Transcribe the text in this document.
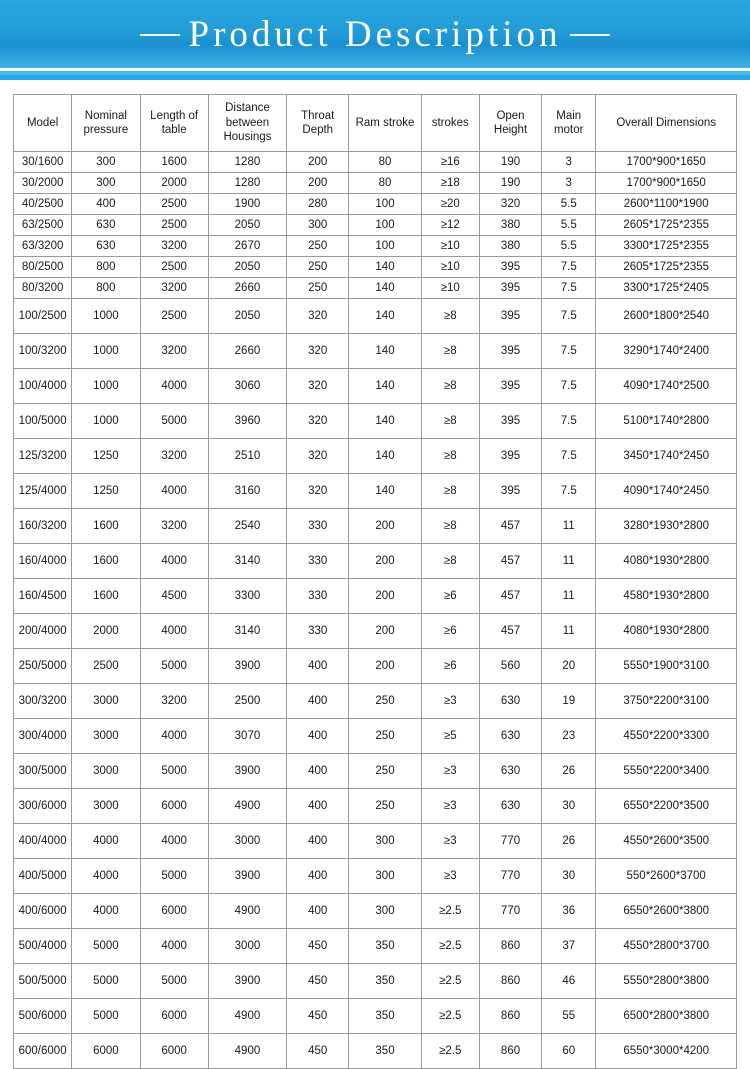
Product Description
Model	Nominal pressure	Length of table	Distance between Housings	Throat Depth	Ram stroke	strokes	Open Height	Main motor	Overall Dimensions
30/1600	300	1600	1280	200	80	≥16	190	3	1700*900*1650
30/2000	300	2000	1280	200	80	≥18	190	3	1700*900*1650
40/2500	400	2500	1900	280	100	≥20	320	5.5	2600*1100*1900
63/2500	630	2500	2050	300	100	≥12	380	5.5	2605*1725*2355
63/3200	630	3200	2670	250	100	≥10	380	5.5	3300*1725*2355
80/2500	800	2500	2050	250	140	≥10	395	7.5	2605*1725*2355
80/3200	800	3200	2660	250	140	≥10	395	7.5	3300*1725*2405
100/2500	1000	2500	2050	320	140	≥8	395	7.5	2600*1800*2540
100/3200	1000	3200	2660	320	140	≥8	395	7.5	3290*1740*2400
100/4000	1000	4000	3060	320	140	≥8	395	7.5	4090*1740*2500
100/5000	1000	5000	3960	320	140	≥8	395	7.5	5100*1740*2800
125/3200	1250	3200	2510	320	140	≥8	395	7.5	3450*1740*2450
125/4000	1250	4000	3160	320	140	≥8	395	7.5	4090*1740*2450
160/3200	1600	3200	2540	330	200	≥8	457	11	3280*1930*2800
160/4000	1600	4000	3140	330	200	≥8	457	11	4080*1930*2800
160/4500	1600	4500	3300	330	200	≥6	457	11	4580*1930*2800
200/4000	2000	4000	3140	330	200	≥6	457	11	4080*1930*2800
250/5000	2500	5000	3900	400	200	≥6	560	20	5550*1900*3100
300/3200	3000	3200	2500	400	250	≥3	630	19	3750*2200*3100
300/4000	3000	4000	3070	400	250	≥5	630	23	4550*2200*3300
300/5000	3000	5000	3900	400	250	≥3	630	26	5550*2200*3400
300/6000	3000	6000	4900	400	250	≥3	630	30	6550*2200*3500
400/4000	4000	4000	3000	400	300	≥3	770	26	4550*2600*3500
400/5000	4000	5000	3900	400	300	≥3	770	30	550*2600*3700
400/6000	4000	6000	4900	400	300	≥2.5	770	36	6550*2600*3800
500/4000	5000	4000	3000	450	350	≥2.5	860	37	4550*2800*3700
500/5000	5000	5000	3900	450	350	≥2.5	860	46	5550*2800*3800
500/6000	5000	6000	4900	450	350	≥2.5	860	55	6500*2800*3800
600/6000	6000	6000	4900	450	350	≥2.5	860	60	6550*3000*4200
